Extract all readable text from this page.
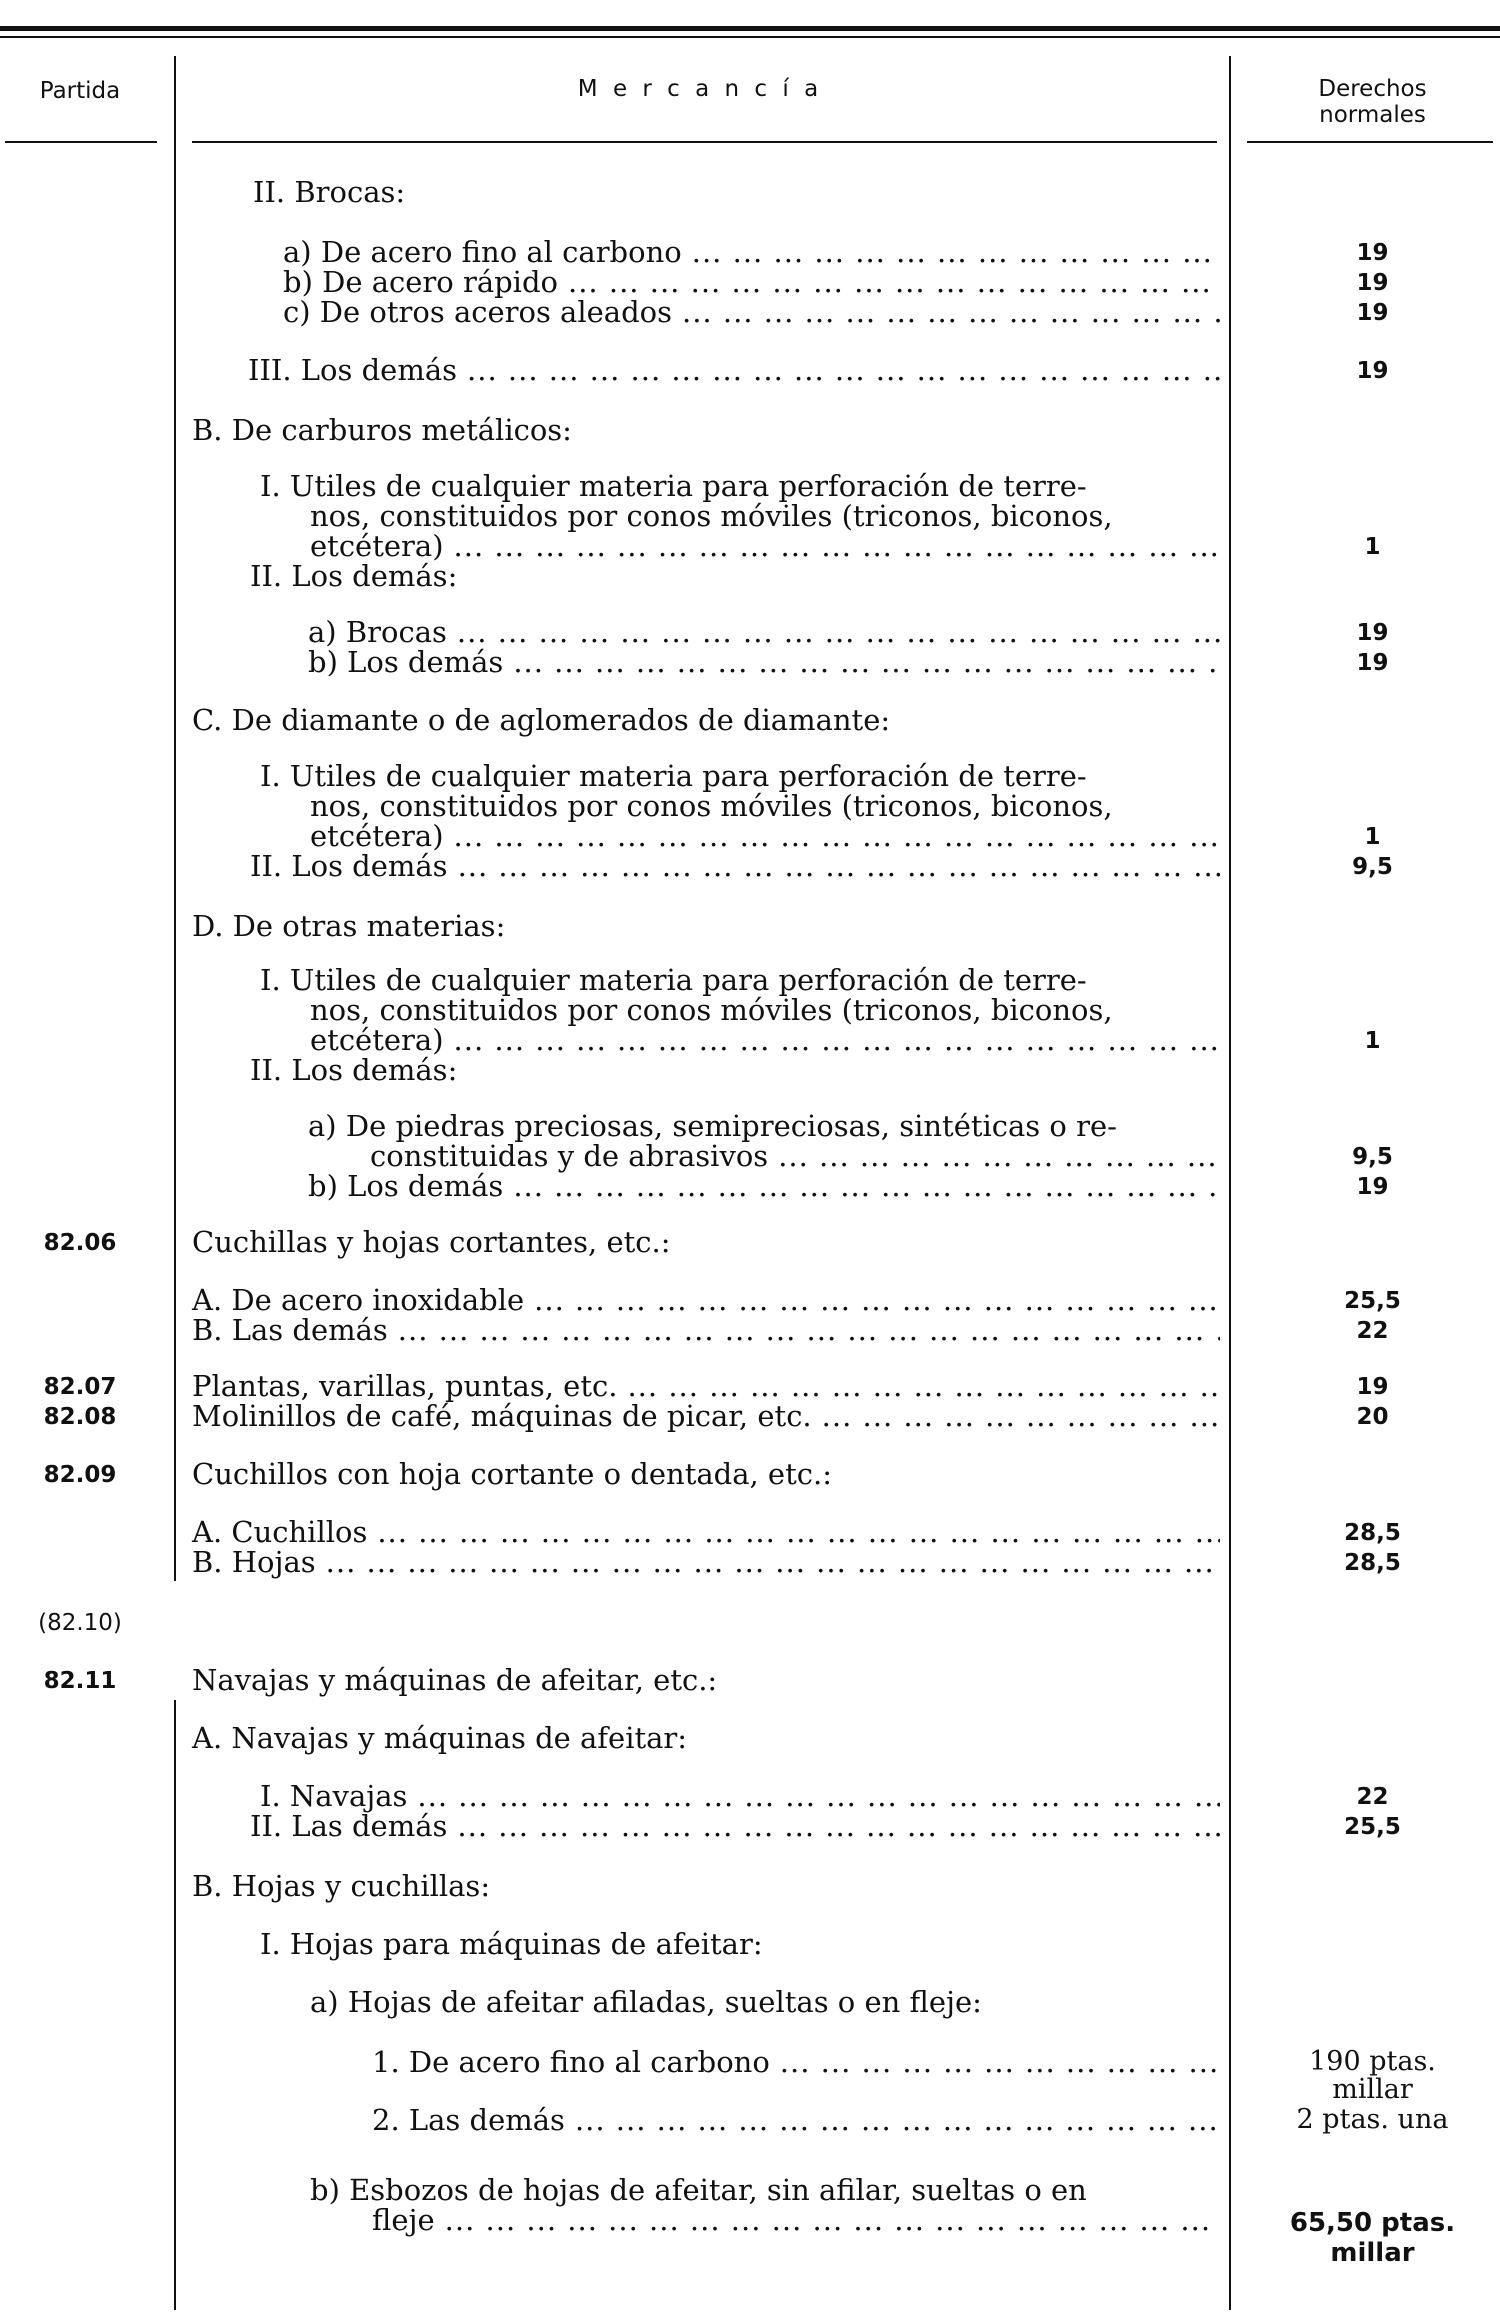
Partida	M e r c a n c í a	Derechos
normales
II. Brocas:
a) De acero fino al carbono ... .	19
b) De acero rápido ... .	19
c) De otros aceros aleados ... .	19
III. Los demás ... .	19
B. De carburos metálicos:
I. Utiles de cualquier materia para perforación de terre-
nos, constituidos por conos móviles (triconos, biconos,
etcétera) ... .	1
II. Los demás:
a) Brocas ... .	19
b) Los demás ... .	19
C. De diamante o de aglomerados de diamante:
I. Utiles de cualquier materia para perforación de terre-
nos, constituidos por conos móviles (triconos, biconos,
etcétera) ... .	1
II. Los demás ... .	9,5
D. De otras materias:
I. Utiles de cualquier materia para perforación de terre-
nos, constituidos por conos móviles (triconos, biconos,
etcétera) ... .	1
II. Los demás:
a) De piedras preciosas, semipreciosas, sintéticas o re-
constituidas y de abrasivos ... .	9,5
b) Los demás ... .	19
82.06	Cuchillas y hojas cortantes, etc.:
A. De acero inoxidable ... .	25,5
B. Las demás ... .	22
82.07	Plantas, varillas, puntas, etc. ... .	19
82.08	Molinillos de café, máquinas de picar, etc. ... .	20
82.09	Cuchillos con hoja cortante o dentada, etc.:
A. Cuchillos ... .	28,5
B. Hojas ... .	28,5
(82.10)
82.11	Navajas y máquinas de afeitar, etc.:
A. Navajas y máquinas de afeitar:
I. Navajas ... .	22
II. Las demás ... .	25,5
B. Hojas y cuchillas:
I. Hojas para máquinas de afeitar:
a) Hojas de afeitar afiladas, sueltas o en fleje:
1. De acero fino al carbono ... .	190 ptas.
millar
2. Las demás ... .	2 ptas. una
b) Esbozos de hojas de afeitar, sin afilar, sueltas o en
fleje ... .	65,50 ptas.
millar
